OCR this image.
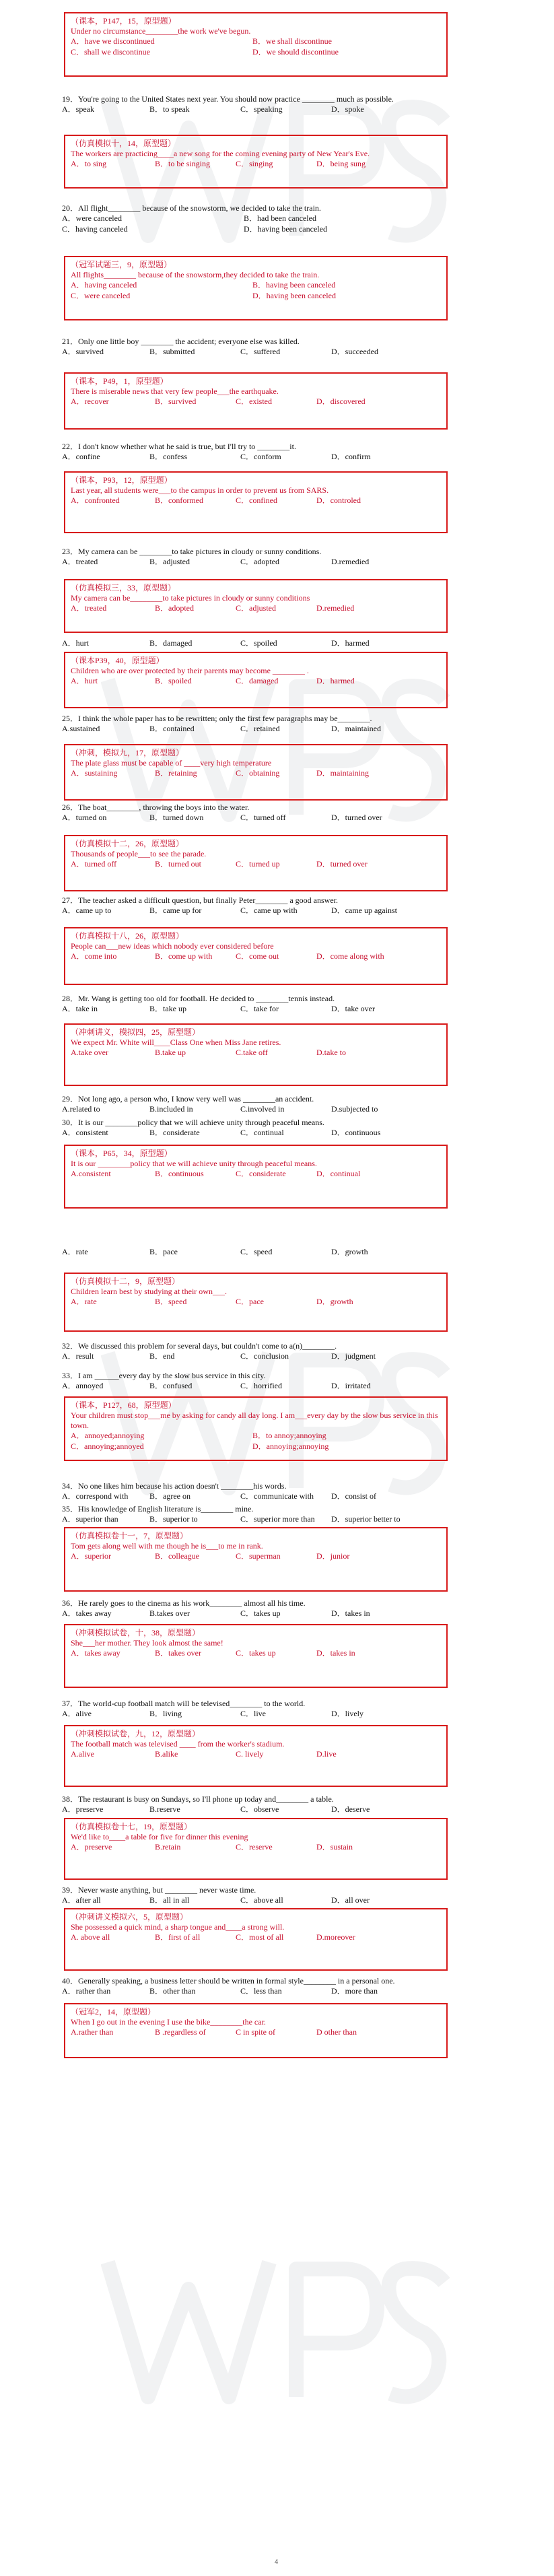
4
（课本，P147，15，原型题）
Under no circumstance________the work we've begun.
A．have we discontinued	B．we shall discontinue
C．shall we discontinue	D．we should discontinue
19．You're going to the United States next year. You should now practice ________ much as possible.
A．speak	B．to speak	C．speaking	D．spoke
（仿真模拟十，14，原型题）
The workers are practicing____a new song for the coming evening party of New Year's Eve.
A．to sing	B．to be singing	C．singing	D．being sung
20．All flight________ because of the snowstorm, we decided to take the train.
A．were canceled	B．had been canceled
C．having canceled	D．having been canceled
（冠军试题三，9，原型题）
All flights________ because of the snowstorm,they decided to take the train.
A．having canceled	B．having been canceled
C．were canceled	D．having been canceled
21．Only one little boy ________ the accident; everyone else was killed.
A．survived	B．submitted	C．suffered	D．succeeded
（课本，P49，1，原型题）
There is miserable news that very few people___the earthquake.
A．recover	B．survived	C．existed	D．discovered
22．I don't know whether what he said is true, but I'll try to ________it.
A．confine	B．confess	C．conform	D．confirm
（课本，P93，12，原型题）
Last year, all students were___to the campus in order to prevent us from SARS.
A．confronted	B．conformed	C．confined	D．controled
23．My camera can be ________to take pictures in cloudy or sunny conditions.
A．treated	B．adjusted	C．adopted	D.remedied
（仿真模拟三，33，原型题）
My camera can be________to take pictures in cloudy or sunny conditions
A．treated	B．adopted	C．adjusted	D.remedied
A．hurt	B．damaged	C．spoiled	D．harmed
（课本P39，40，原型题）
Children who are over protected by their parents may become ________ .
A．hurt	B．spoiled	C．damaged	D．harmed
25．I think the whole paper has to be rewritten; only the first few paragraphs may be________.
A.sustained	B．contained	C．retained	D．maintained
（冲刺，模拟九，17，原型题）
The plate glass must be capable of ____very high temperature
A．sustaining	B．retaining	C．obtaining	D．maintaining
26．The boat________, throwing the boys into the water.
A．turned on	B．turned down	C．turned off	D．turned over
（仿真模拟十二，26，原型题）
Thousands of people___to see the parade.
A．turned off	B．turned out	C．turned up	D．turned over
27．The teacher asked a difficult question, but finally Peter________ a good answer.
A．came up to	B．came up for	C．came up with	D．came up against
（仿真模拟十八，26，原型题）
People can___new ideas which nobody ever considered before
A．come into	B．come up with	C．come out	D．come along with
28．Mr. Wang is getting too old for football. He decided to ________tennis instead.
A．take in	B．take up	C．take for	D．take over
（冲刺讲义，模拟四，25，原型题）
We expect Mr. White will____Class One when Miss Jane retires.
A.take over	B.take up	C.take off	D.take to
29．Not long ago, a person who, I know very well was ________an accident.
A.related to	B.included in	C.involved in	D.subjected to
30．It is our ________policy that we will achieve unity through peaceful means.
A．consistent	B．considerate	C．continual	D．continuous
（课本，P65，34，原型题）
It is our ________policy that we will achieve unity through peaceful means.
A.consistent	B．continuous	C．considerate	D．continual
A．rate	B．pace	C．speed	D．growth
（仿真模拟十二，9，原型题）
Children learn best by studying at their own___.
A．rate	B．speed	C．pace	D．growth
32．We discussed this problem for several days, but couldn't come to a(n)________.
A．result	B．end	C．conclusion	D．judgment
33．I am ______every day by the slow bus service in this city.
A．annoyed	B．confused	C．horrified	D．irritated
（课本，P127，68，原型题）
Your children must stop___me by asking for candy all day long. I am___every day by the slow bus service in this town.
A．annoyed;annoying	B．to annoy;annoying
C．annoying;annoyed	D．annoying;annoying
34．No one likes him because his action doesn't ________his words.
A．correspond with	B．agree on	C．communicate with D．consist of
35．His knowledge of English literature is________ mine.
A．superior than	B．superior to	C．superior more than D．superior better to
（仿真模拟卷十一，7，原型题）
Tom gets along well with me though he is___to me in rank.
A．superior	B．colleague	C．superman	D．junior
36．He rarely goes to the cinema as his work________ almost all his time.
A．takes away	B.takes over	C．takes up	D．takes in
（冲刺模拟试卷，十，38，原型题）
She___her mother. They look almost the same!
A．takes away	B．takes over	C．takes up	D．takes in
37．The world-cup football match will be televised________ to the world.
A．alive	B．living	C．live	D．lively
（冲刺模拟试卷，九，12，原型题）
The football match was televised ____ from the worker's stadium.
A.alive	B.alike	C. lively	D.live
38．The restaurant is busy on Sundays, so I'll phone up today and________ a table.
A．preserve	B.reserve	C．observe	D．deserve
（仿真模拟卷十七，19，原型题）
We'd like to____a table for five for dinner this evening
A．preserve	B.retain	C．reserve	D．sustain
39．Never waste anything, but ________ never waste time.
A．after all	B．all in all	C．above all	D．all over
（冲刺讲义模拟六，5，原型题）
She possessed a quick mind, a sharp tongue and____a strong will.
A. above all	B．first of all	C．most of all	D.moreover
40．Generally speaking, a business letter should be written in formal style________ in a personal one.
A．rather than	B．other than	C．less than	D．more than
（冠军2，14，原型题）
When I go out in the evening I use the bike________the car.
A.rather than	B .regardless of	C in spite of	D other than
